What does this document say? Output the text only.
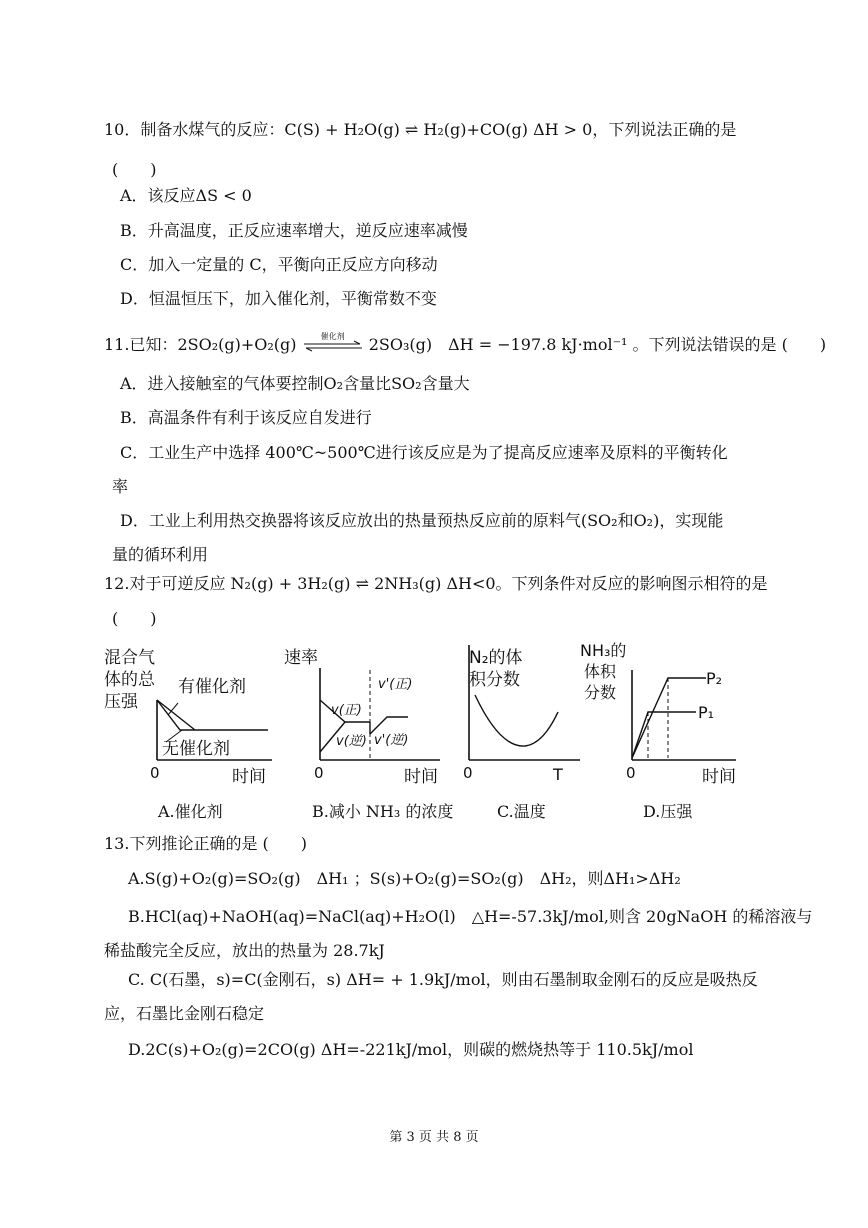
10．制备水煤气的反应：C(S) + H₂O(g) ⇌ H₂(g)+CO(g) ΔH > 0，下列说法正确的是
(　　)
A．该反应ΔS < 0
B．升高温度，正反应速率增大，逆反应速率减慢
C．加入一定量的 C，平衡向正反应方向移动
D．恒温恒压下，加入催化剂，平衡常数不变
11.已知：2SO₂(g)+O₂(g)	催化剂	2SO₃(g)　ΔH = −197.8 kJ·mol⁻¹ 。下列说法错误的是 (　　)
A．进入接触室的气体要控制O₂含量比SO₂含量大
B．高温条件有利于该反应自发进行
C．工业生产中选择 400℃~500℃进行该反应是为了提高反应速率及原料的平衡转化
率
D．工业上利用热交换器将该反应放出的热量预热反应前的原料气(SO₂和O₂)，实现能
量的循环利用
12.对于可逆反应 N₂(g) + 3H₂(g) ⇌ 2NH₃(g) ΔH<0。下列条件对反应的影响图示相符的是
(　　)
混合气
体的总
压强
有催化剂
无催化剂
0	时间
速率
v(正)
v(逆)
v'(正)
v'(逆)
0	时间
N₂的体
积分数
0	T
NH₃的
体积
分数
P₂
P₁
0	时间
A.催化剂	B.减小 NH₃ 的浓度	C.温度	D.压强
13.下列推论正确的是 (　　)
A.S(g)+O₂(g)=SO₂(g)　ΔH₁ ；S(s)+O₂(g)=SO₂(g)　ΔH₂，则ΔH₁>ΔH₂
B.HCl(aq)+NaOH(aq)=NaCl(aq)+H₂O(l)　△H=-57.3kJ/mol,则含 20gNaOH 的稀溶液与
稀盐酸完全反应，放出的热量为 28.7kJ
C. C(石墨，s)=C(金刚石，s) ΔH= + 1.9kJ/mol，则由石墨制取金刚石的反应是吸热反
应，石墨比金刚石稳定
D.2C(s)+O₂(g)=2CO(g) ΔH=-221kJ/mol，则碳的燃烧热等于 110.5kJ/mol
第 3 页 共 8 页
